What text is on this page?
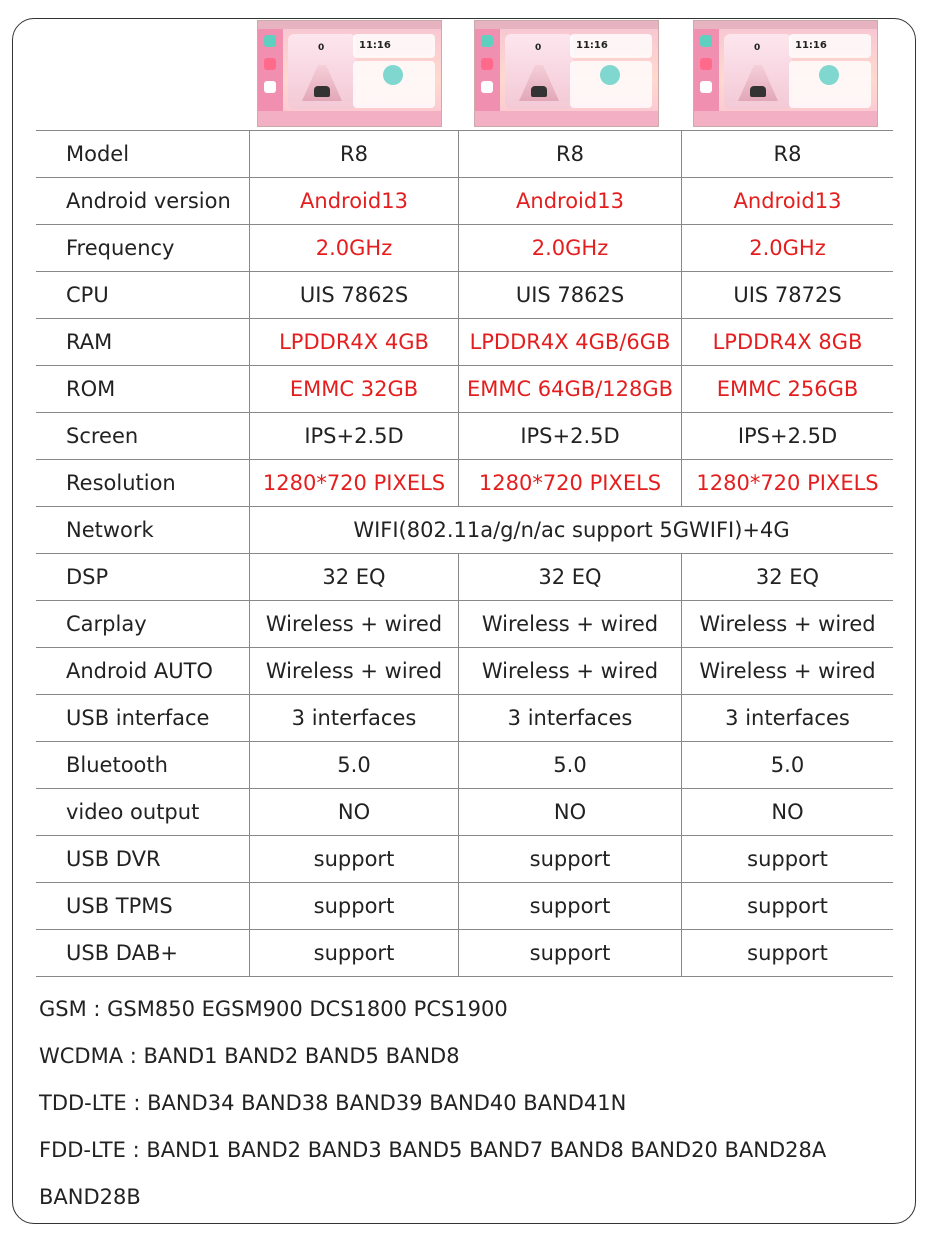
0	11:16	0	11:16	0	11:16
Model	R8	R8	R8
Android version	Android13	Android13	Android13
Frequency	2.0GHz	2.0GHz	2.0GHz
CPU	UIS 7862S	UIS 7862S	UIS 7872S
RAM	LPDDR4X 4GB	LPDDR4X 4GB/6GB	LPDDR4X 8GB
ROM	EMMC 32GB	EMMC 64GB/128GB	EMMC 256GB
Screen	IPS+2.5D	IPS+2.5D	IPS+2.5D
Resolution	1280*720 PIXELS	1280*720 PIXELS	1280*720 PIXELS
Network	WIFI(802.11a/g/n/ac support 5GWIFI)+4G		
DSP	32 EQ	32 EQ	32 EQ
Carplay	Wireless + wired	Wireless + wired	Wireless + wired
Android AUTO	Wireless + wired	Wireless + wired	Wireless + wired
USB interface	3 interfaces	3 interfaces	3 interfaces
Bluetooth	5.0	5.0	5.0
video output	NO	NO	NO
USB DVR	support	support	support
USB TPMS	support	support	support
USB DAB+	support	support	support
GSM : GSM850 EGSM900 DCS1800 PCS1900
WCDMA : BAND1 BAND2 BAND5 BAND8
TDD-LTE : BAND34 BAND38 BAND39 BAND40 BAND41N
FDD-LTE : BAND1 BAND2 BAND3 BAND5 BAND7 BAND8 BAND20 BAND28A
BAND28B
